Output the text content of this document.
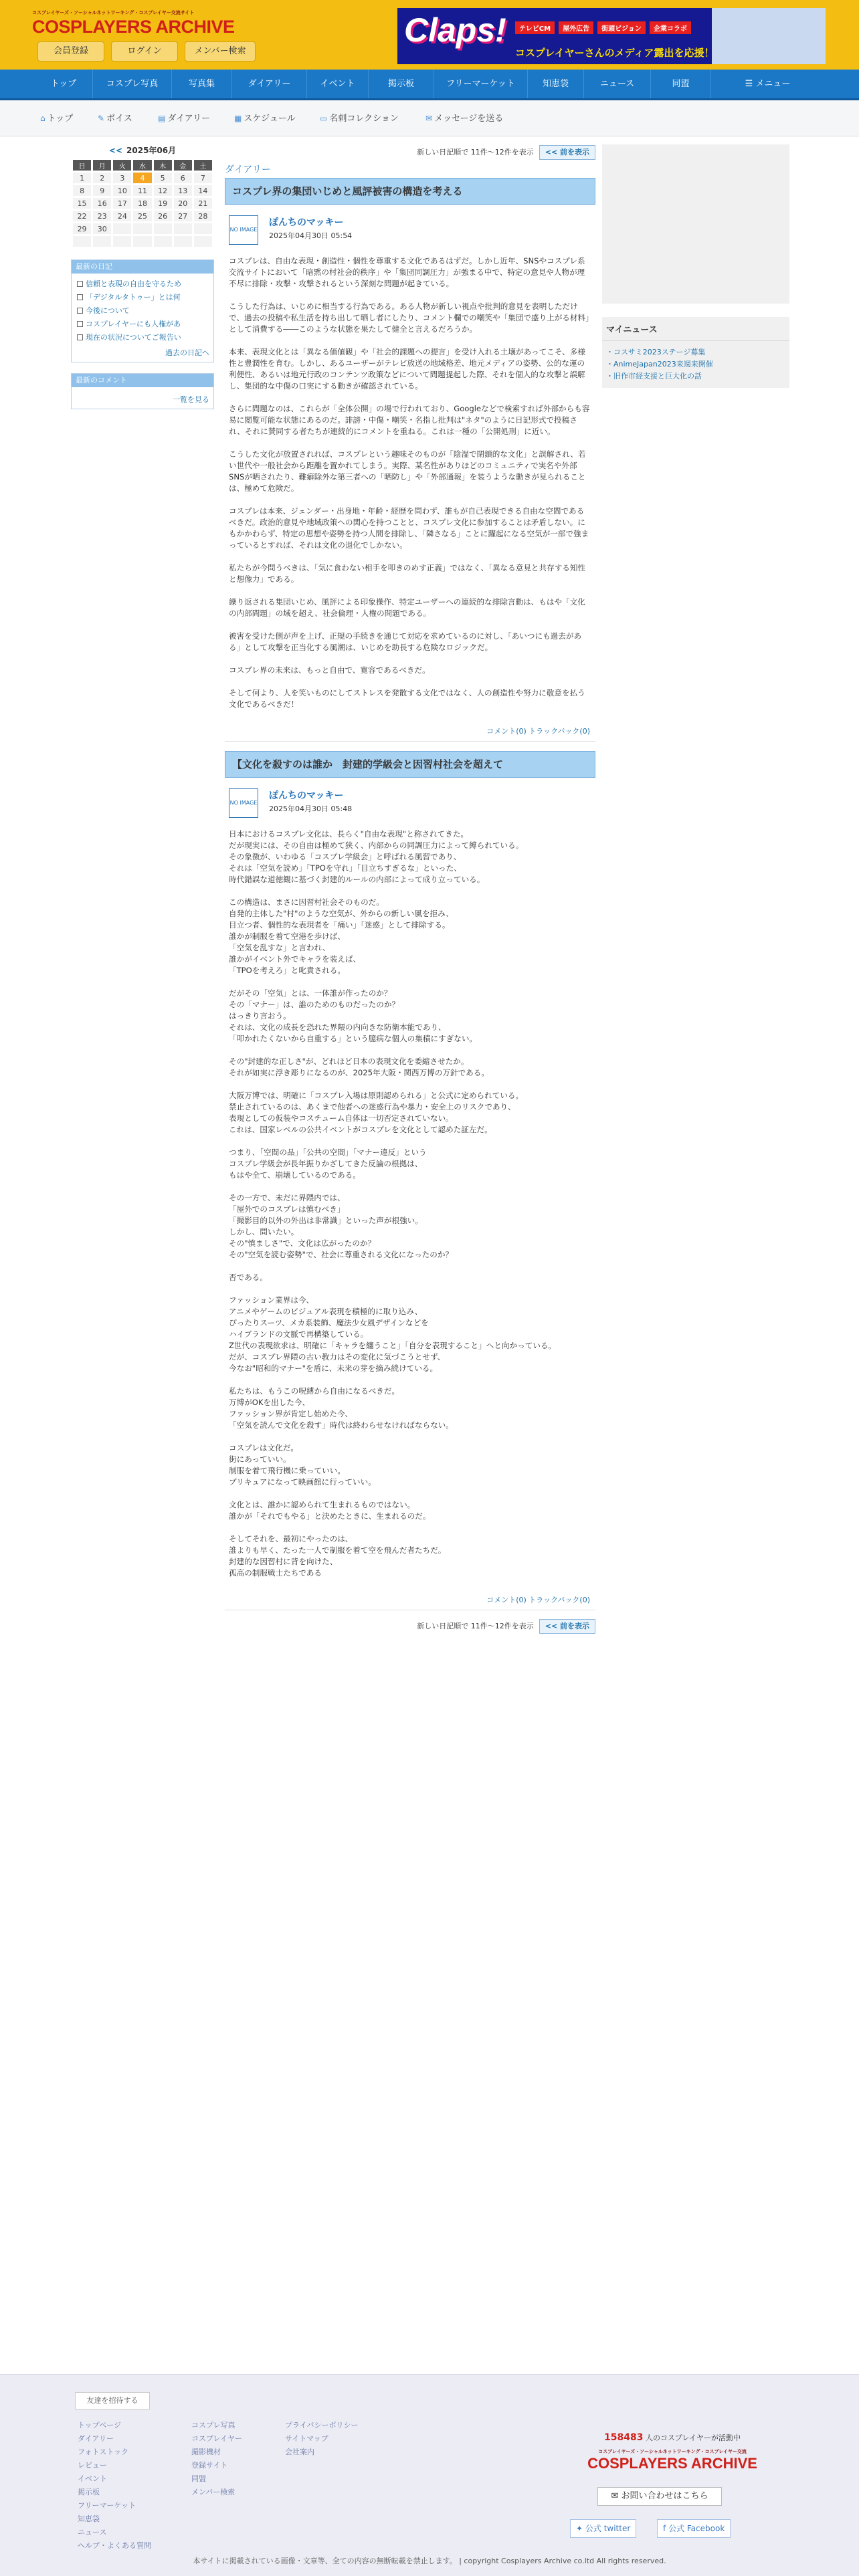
コスプレイヤーズ・ソーシャルネットワーキング・コスプレイヤー交流サイト
COSPLAYERS ARCHIVE
会員登録	ログイン	メンバー検索
Claps!	テレビCM 屋外広告 街頭ビジョン 企業コラボ
コスプレイヤーさんのメディア露出を応援！
トップ	コスプレ写真	写真集	ダイアリー	イベント	掲示板	フリーマーケット	知恵袋	ニュース	同盟	☰ メニュー
⌂ トップ	✎ ボイス	▤ ダイアリー	▦ スケジュール	▭ 名刺コレクション	✉ メッセージを送る
<< 2025年06月
日	月	火	水	木	金	土
1	2	3	4	5	6	7
8	9	10	11	12	13	14
15	16	17	18	19	20	21
22	23	24	25	26	27	28
29	30					

最新の日記
信頼と表現の自由を守るため
「デジタルタトゥー」とは何
今後について
コスプレイヤーにも人権があ
現在の状況についてご報告い
過去の日記へ
最新のコメント
一覧を見る
新しい日記順で 11件〜12件を表示 << 前を表示
ダイアリー
コスプレ界の集団いじめと風評被害の構造を考える
NO IMAGE
ぽんちのマッキー
2025年04月30日 05:54

コスプレは、自由な表現・創造性・個性を尊重する文化であるはずだ。しかし近年、SNSやコスプレ系交流サイトにおいて「暗黙の村社会的秩序」や「集団同調圧力」が強まる中で、特定の意見や人物が理不尽に排除・攻撃・攻撃されるという深刻な問題が起きている。

こうした行為は、いじめに相当する行為である。ある人物が新しい視点や批判的意見を表明しただけで、過去の投稿や私生活を持ち出して晒し者にしたり、コメント欄での嘲笑や「集団で盛り上がる材料」として消費する――このような状態を果たして健全と言えるだろうか。

本来、表現文化とは「異なる価値観」や「社会的課題への提言」を受け入れる土壌があってこそ、多様性と豊潤性を育む。しかし、あるユーザーがテレビ放送の地域格差、地元メディアの姿勢、公的な運の利便性、あるいは地元行政のコンテンツ政策などについて問題提起した際、それを個人的な攻撃と誤解し、集団的な中傷の口実にする動きが確認されている。

さらに問題なのは、これらが「全体公開」の場で行われており、Googleなどで検索すれば外部からも容易に閲覧可能な状態にあるのだ。誹謗・中傷・嘲笑・名指し批判は"ネタ"のように日記形式で投稿され、それに賛同する者たちが連続的にコメントを重ねる。これは一種の「公開処刑」に近い。

こうした文化が放置されれば、コスプレという趣味そのものが「陰湿で閉鎖的な文化」と誤解され、若い世代や一般社会から距離を置かれてしまう。実際、某名性がありほどのコミュニティで実名や外部SNSが晒されたり、難癖除外な第三者への「晒防し」や「外部通報」を装うような動きが見られることは、極めて危険だ。

コスプレは本来、ジェンダー・出身地・年齢・経歴を問わず、誰もが自己表現できる自由な空間であるべきだ。政治的意見や地域政策への関心を持つことと、コスプレ文化に参加することは矛盾しない。にもかかわらず、特定の思想や姿勢を持つ人間を排除し、「隣さなる」ことに躍起になる空気が一部で強まっているとすれば、それは文化の退化でしかない。

私たちが今問うべきは、「気に食わない相手を叩きのめす正義」ではなく、「異なる意見と共存する知性と想像力」である。

繰り返される集団いじめ、風評による印象操作、特定ユーザーへの連続的な排除言動は、もはや「文化の内部問題」の域を超え、社会倫理・人権の問題である。

被害を受けた側が声を上げ、正規の手続きを通じて対応を求めているのに対し、「あいつにも過去がある」として攻撃を正当化する風潮は、いじめを助長する危険なロジックだ。

コスプレ界の未来は、もっと自由で、寛容であるべきだ。

そして何より、人を笑いものにしてストレスを発散する文化ではなく、人の創造性や努力に敬意を払う文化であるべきだ！

コメント(0) トラックバック(0)
【文化を殺すのは誰か　封建的学級会と因習村社会を超えて
NO IMAGE
ぽんちのマッキー
2025年04月30日 05:48

日本におけるコスプレ文化は、長らく"自由な表現"と称されてきた。
だが現実には、その自由は極めて狭く、内部からの同調圧力によって縛られている。
その象徴が、いわゆる「コスプレ学級会」と呼ばれる風習であり、
それは「空気を読め」「TPOを守れ」「目立ちすぎるな」といった、
時代錯誤な道徳観に基づく封建的ルールの内部によって成り立っている。

この構造は、まさに因習村社会そのものだ。
自発的主体した"村"のような空気が、外からの新しい風を拒み、
目立つ者、個性的な表現者を「痛い」「迷惑」として排除する。
誰かが制服を着て空港を歩けば、
「空気を乱すな」と言われ、
誰かがイベント外でキャラを装えば、
「TPOを考えろ」と叱責される。

だがその「空気」とは、一体誰が作ったのか？
その「マナー」は、誰のためのものだったのか？
はっきり言おう。
それは、文化の成長を恐れた界隈の内向きな防衛本能であり、
「叩かれたくないから自重する」という臆病な個人の集積にすぎない。

その"封建的な正しさ"が、どれほど日本の表現文化を委縮させたか。
それが如実に浮き彫りになるのが、2025年大阪・関西万博の万針である。

大阪万博では、明確に「コスプレ入場は原則認められる」と公式に定められている。
禁止されているのは、あくまで他者への迷惑行為や暴力・安全上のリスクであり、
表現としての仮装やコスチューム自体は一切否定されていない。
これは、国家レベルの公共イベントがコスプレを文化として認めた証左だ。

つまり、「空間の品」「公共の空間」「マナー違反」という
コスプレ学級会が長年振りかざしてきた反論の根拠は、
もはや全て、崩壊しているのである。

その一方で、未だに界隈内では、
「屋外でのコスプレは慎むべき」
「撮影目的以外の外出は非常識」といった声が根強い。
しかし、問いたい。
その"慎ましさ"で、文化は広がったのか？
その"空気を読む姿勢"で、社会に尊重される文化になったのか？

否である。

ファッション業界は今、
アニメやゲームのビジュアル表現を積極的に取り込み、
ぴったりスーツ、メカ系装飾、魔法少女風デザインなどを
ハイブランドの文脈で再構築している。
Z世代の表現欲求は、明確に「キャラを纏うこと」「自分を表現すること」へと向かっている。
だが、コスプレ界隈の古い教力はその変化に気づこうとせず、
今なお"昭和的マナー"を盾に、未来の芽を摘み続けている。

私たちは、もうこの呪縛から自由になるべきだ。
万博がOKを出した今、
ファッション界が肯定し始めた今、
「空気を読んで文化を殺す」時代は終わらせなければならない。

コスプレは文化だ。
街にあっていい。
制服を着て飛行機に乗っていい。
プリキュアになって映画館に行っていい。

文化とは、誰かに認められて生まれるものではない。
誰かが「それでもやる」と決めたときに、生まれるのだ。

そしてそれを、最初にやったのは、
誰よりも早く、たった一人で制服を着て空を飛んだ者たちだ。
封建的な因習村に背を向けた、
孤高の制服戦士たちである

コメント(0) トラックバック(0)
新しい日記順で 11件〜12件を表示 << 前を表示
マイニュース
・コスサミ2023ステージ募集
・AnimeJapan2023来週来開催
・旧作市経支援と巨大化の話
友達を招待する
トップページ
ダイアリー
フォトストック
レビュー
イベント
掲示板
フリーマーケット
知恵袋
ニュース
ヘルプ・よくある質問
コスプレ写真
コスプレイヤー
撮影機材
登録サイト
同盟
メンバー検索
プライバシーポリシー
サイトマップ
会社案内
158483 人のコスプレイヤーが活動中
コスプレイヤーズ・ソーシャルネットワーキング・コスプレイヤー交流
COSPLAYERS ARCHIVE
✉ お問い合わせはこちら
✦ 公式 twitter	f 公式 Facebook
本サイトに掲載されている画像・文章等、全ての内容の無断転載を禁止します。 | copyright Cosplayers Archive co.ltd All rights reserved.
